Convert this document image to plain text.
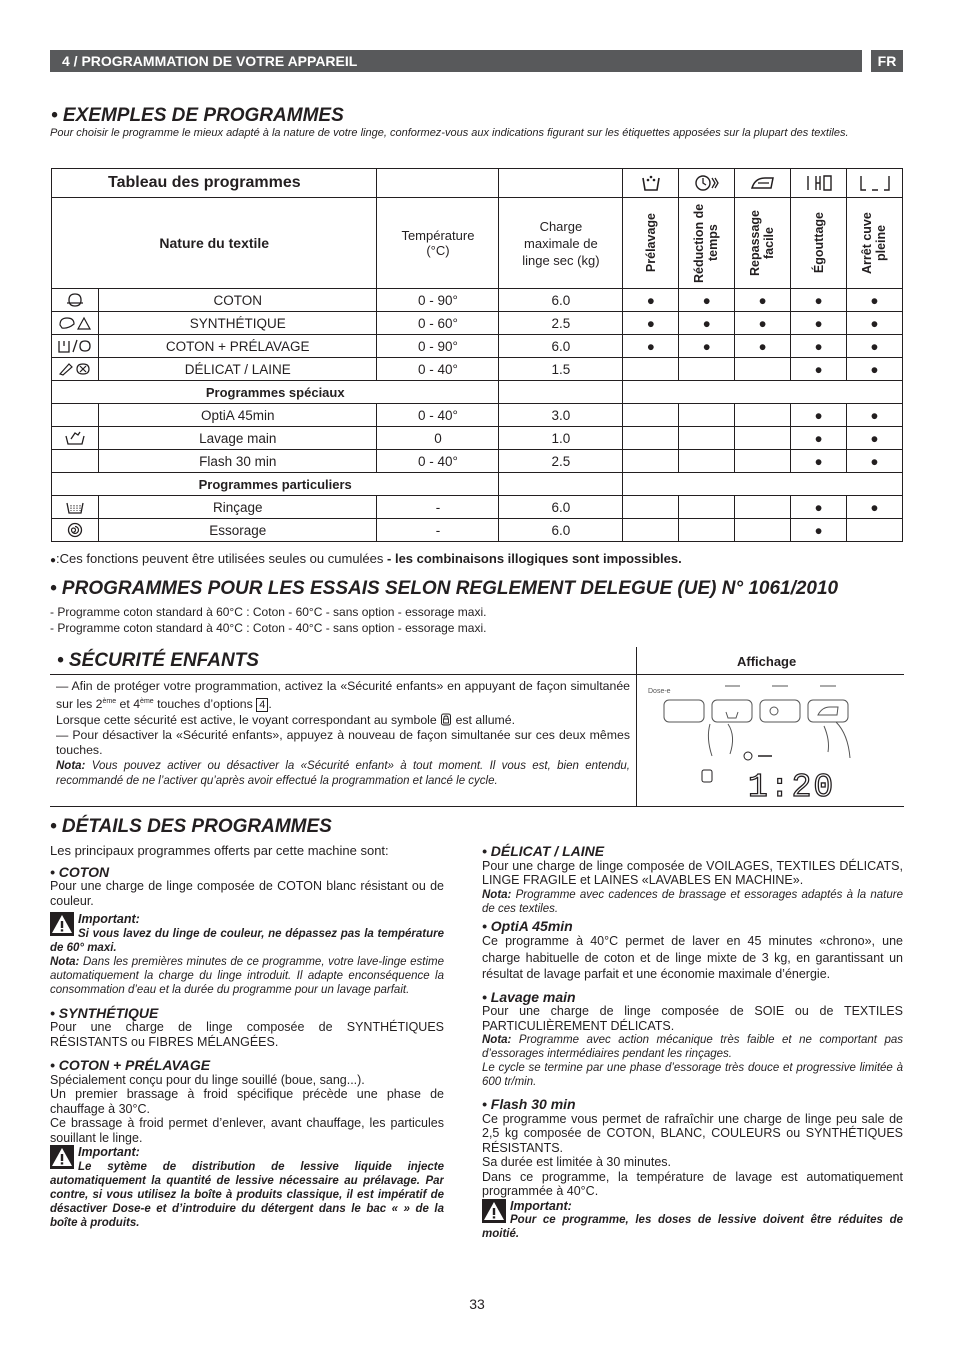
4 / PROGRAMMATION DE VOTRE APPAREIL	FR
• EXEMPLES DE PROGRAMMES
Pour choisir le programme le mieux adapté à la nature de votre linge, conformez-vous aux indications figurant sur les étiquettes apposées sur la plupart des textiles.
Tableau des programmes			

Nature du textile		Température (°C)	Charge maximale de linge sec (kg)	Prélavage	Réduction de temps	Repassage facile	Égouttage	Arrêt cuve pleine

	COTON	0 - 90°	6.0	●	●	●	●	●

	SYNTHÉTIQUE	0 - 60°	2.5	●	●	●	●	●

	COTON + PRÉLAVAGE	0 - 90°	6.0	●	●	●	●	●

	DÉLICAT / LAINE	0 - 40°	1.5				●	●
Programmes spéciaux								
	OptiA 45min	0 - 40°	3.0				●	●

	Lavage main	0	1.0				●	●
	Flash 30 min	0 - 40°	2.5				●	●
Programmes particuliers								

	Rinçage	-	6.0				●	●

	Essorage	-	6.0				●	
●:Ces fonctions peuvent être utilisées seules ou cumulées - les combinaisons illogiques sont impossibles.
• PROGRAMMES POUR LES ESSAIS SELON REGLEMENT DELEGUE (UE) N° 1061/2010
- Programme coton standard à 60°C : Coton - 60°C - sans option - essorage maxi.
- Programme coton standard à 40°C : Coton - 40°C - sans option - essorage maxi.
• SÉCURITÉ ENFANTS	Affichage

— Afin de protéger votre programmation, activez la «Sécurité enfants» en appuyant de façon simultanée sur les 2ème et 4ème touches d’options 4 .

Lorsque cette sécurité est active, le voyant correspondant au symbole  est allumé.

— Pour désactiver la «Sécurité enfants», appuyez à nouveau de façon simultanée sur ces deux mêmes touches.

Nota: Vous pouvez activer ou désactiver la «Sécurité enfant» à tout moment. Il vous est, bien entendu, recommandé de ne l’activer qu’après avoir effectué la programmation et lancé le cycle.

Dose-e
1:20
• DÉTAILS DES PROGRAMMES

Les principaux programmes offerts par cette machine sont:

• COTON

Pour une charge de linge composée de COTON blanc résistant ou de couleur.

Important:

Si vous lavez du linge de couleur, ne dépassez pas la température de 60° maxi.

Nota: Dans les premières minutes de ce programme, votre lave-linge estime automatiquement la charge du linge introduit. Il adapte enconséquence la consommation d’eau et la durée du programme pour un lavage parfait.

• SYNTHÉTIQUE

Pour une charge de linge composée de SYNTHÉTIQUES RÉSISTANTS ou FIBRES MÉLANGÉES.

• COTON + PRÉLAVAGE

Spécialement conçu pour du linge souillé (boue, sang...).

Un premier brassage à froid spécifique précède une phase de chauffage à 30°C.

Ce brassage à froid permet d’enlever, avant chauffage, les particules souillant le linge.

Important:

Le sytème de distribution de lessive liquide injecte automatiquement la quantité de lessive nécessaire au prélavage. Par contre, si vous utilisez la boîte à produits classique, il est impératif de désactiver Dose-e et d’introduire du détergent dans le bac « » de la boîte à produits.

• DÉLICAT / LAINE

Pour une charge de linge composée de VOILAGES, TEXTILES DÉLICATS, LINGE FRAGILE et LAINES «LAVABLES EN MACHINE».

Nota: Programme avec cadences de brassage et essorages adaptés à la nature de ces textiles.

• OptiA 45min

Ce programme à 40°C permet de laver en 45 minutes «chrono», une charge habituelle de coton et de linge mixte de 3 kg, en garantissant un résultat de lavage parfait et une économie maximale d’énergie.

• Lavage main

Pour une charge de linge composée de SOIE ou de TEXTILES PARTICULIÈREMENT DÉLICATS.

Nota: Programme avec action mécanique très faible et ne comportant pas d’essorages intermédiaires pendant les rinçages.

Le cycle se termine par une phase d’essorage très douce et progressive limitée à 600 tr/min.

• Flash 30 min

Ce programme vous permet de rafraîchir une charge de linge peu sale de 2,5 kg composée de COTON, BLANC, COULEURS ou SYNTHÉTIQUES RÉSISTANTS.

Sa durée est limitée à 30 minutes.

Dans ce programme, la température de lavage est automatiquement programmée à 40°C.

Important:

Pour ce programme, les doses de lessive doivent être réduites de moitié.

33
